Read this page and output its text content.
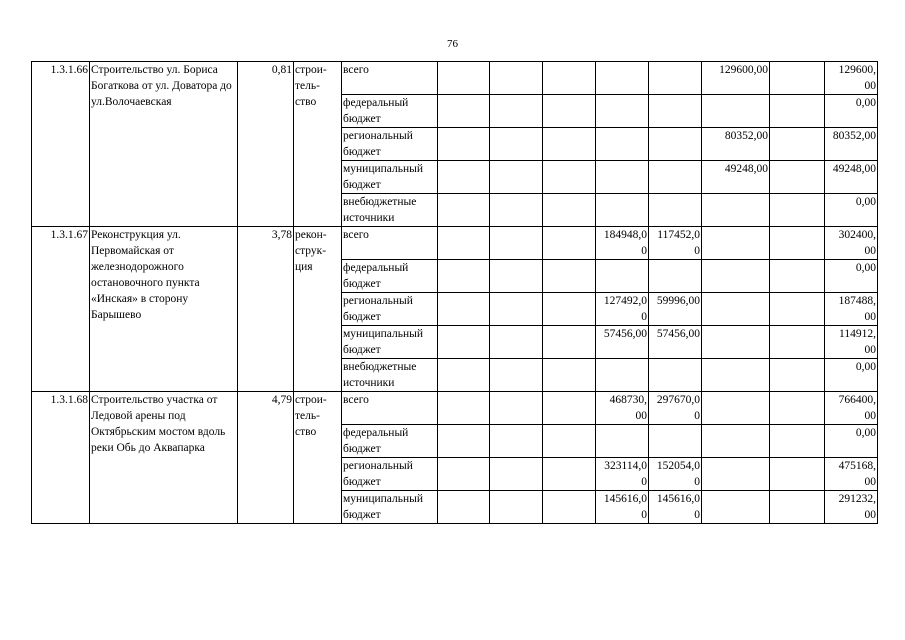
76
1.3.1.66	Строительство ул. Бориса Богаткова от ул. Доватора до ул.Волочаевская	0,81	строи-
тель-
ство	всего						129600,00		129600,
00
				федеральный
бюджет								0,00
				региональный
бюджет						80352,00		80352,00
				муниципальный
бюджет						49248,00		49248,00
				внебюджетные
источники								0,00
1.3.1.67	Реконструкция ул. Первомайская от железнодорожного остановочного пункта «Инская» в сторону Барышево	3,78	рекон-
струк-
ция	всего				184948,0
0	117452,0
0			302400,
00
				федеральный
бюджет								0,00
				региональный
бюджет				127492,0
0	59996,00			187488,
00
				муниципальный
бюджет				57456,00	57456,00			114912,
00
				внебюджетные
источники								0,00
1.3.1.68	Строительство участка от Ледовой арены под Октябрьским мостом вдоль реки Обь до Аквапарка	4,79	строи-
тель-
ство	всего				468730,
00	297670,0
0			766400,
00
				федеральный
бюджет								0,00
				региональный
бюджет				323114,0
0	152054,0
0			475168,
00
				муниципальный
бюджет				145616,0
0	145616,0
0			291232,
00
